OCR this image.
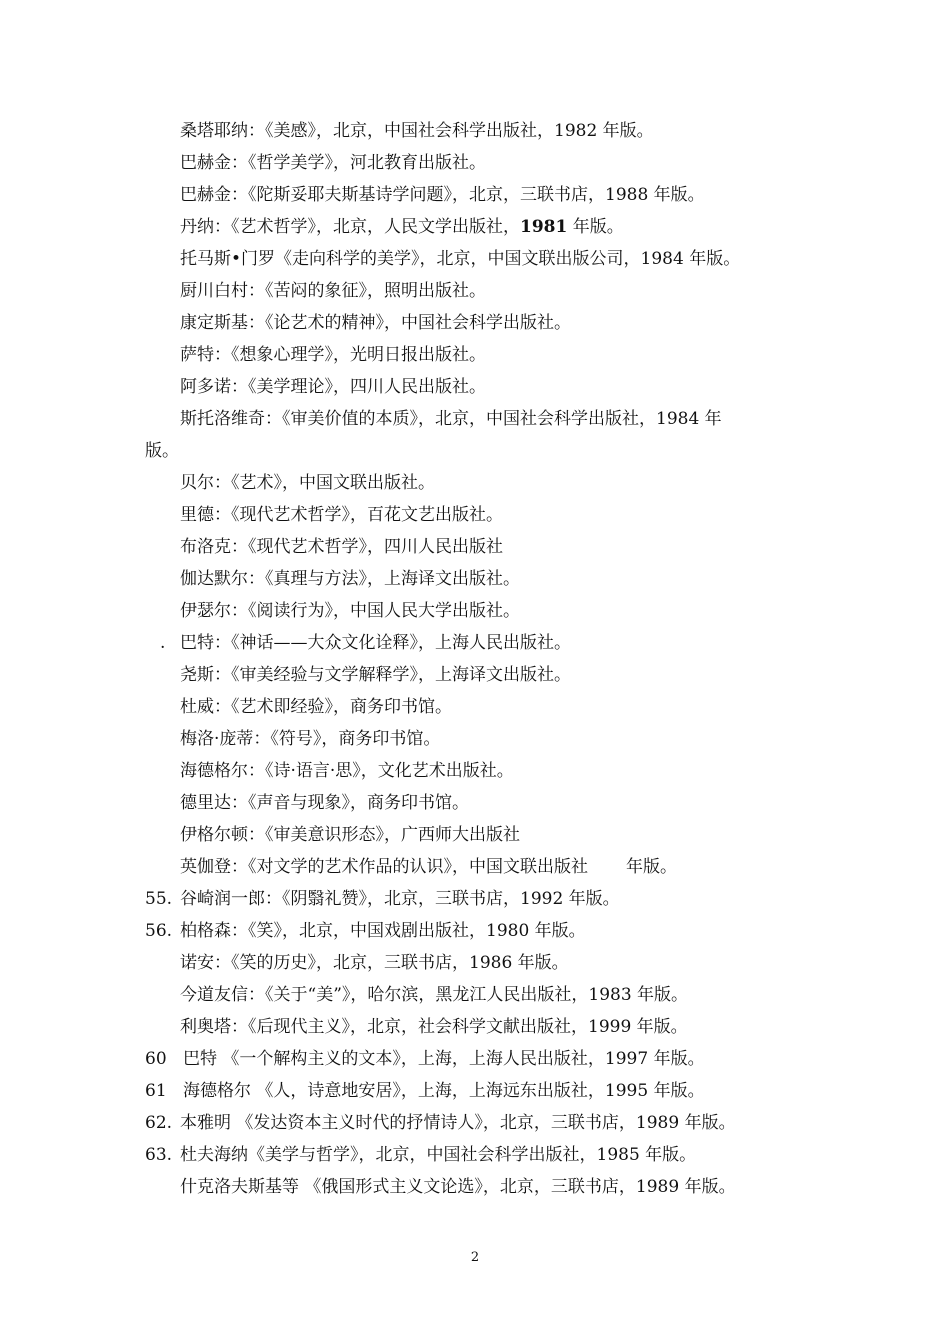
桑塔耶纳：《美感》，北京，中国社会科学出版社，1982 年版。
巴赫金：《哲学美学》，河北教育出版社。
巴赫金：《陀斯妥耶夫斯基诗学问题》，北京，三联书店，1988 年版。
丹纳：《艺术哲学》，北京，人民文学出版社，1981 年版。
托马斯•门罗《走向科学的美学》，北京，中国文联出版公司，1984 年版。
厨川白村：《苦闷的象征》，照明出版社。
康定斯基：《论艺术的精神》，中国社会科学出版社。
萨特：《想象心理学》，光明日报出版社。
阿多诺：《美学理论》，四川人民出版社。
斯托洛维奇：《审美价值的本质》，北京，中国社会科学出版社，1984 年
版。
贝尔：《艺术》，中国文联出版社。
里德：《现代艺术哲学》，百花文艺出版社。
布洛克：《现代艺术哲学》，四川人民出版社
伽达默尔：《真理与方法》，上海译文出版社。
伊瑟尔：《阅读行为》，中国人民大学出版社。
. 巴特：《神话——大众文化诠释》，上海人民出版社。
尧斯：《审美经验与文学解释学》，上海译文出版社。
杜威：《艺术即经验》，商务印书馆。
梅洛·庞蒂：《符号》，商务印书馆。
海德格尔：《诗·语言·思》，文化艺术出版社。
德里达：《声音与现象》，商务印书馆。
伊格尔顿：《审美意识形态》，广西师大出版社
英伽登：《对文学的艺术作品的认识》，中国文联出版社 年版。
55. 谷崎润一郎：《阴翳礼赞》，北京，三联书店，1992 年版。
56. 柏格森：《笑》，北京，中国戏剧出版社，1980 年版。
诺安：《笑的历史》，北京，三联书店，1986 年版。
今道友信：《关于“美”》，哈尔滨，黑龙江人民出版社，1983 年版。
利奥塔：《后现代主义》，北京，社会科学文献出版社，1999 年版。
60 巴特 《一个解构主义的文本》，上海，上海人民出版社，1997 年版。
61 海德格尔 《人，诗意地安居》，上海，上海远东出版社，1995 年版。
62. 本雅明 《发达资本主义时代的抒情诗人》，北京，三联书店，1989 年版。
63. 杜夫海纳《美学与哲学》，北京，中国社会科学出版社，1985 年版。
什克洛夫斯基等 《俄国形式主义文论选》，北京，三联书店，1989 年版。
2
